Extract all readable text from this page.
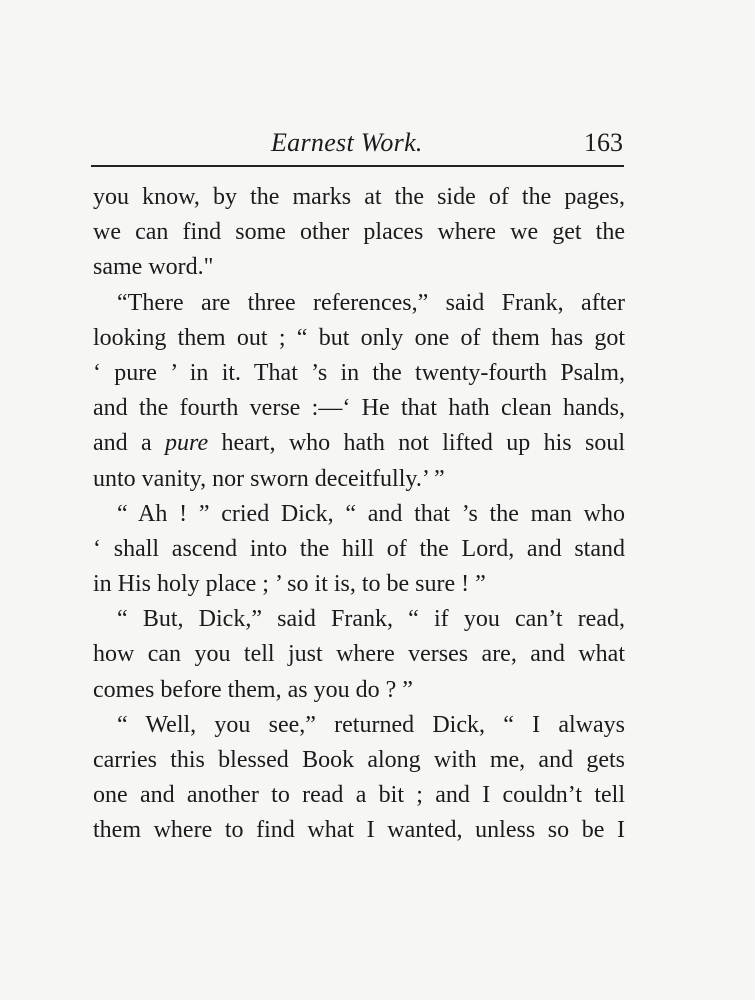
Earnest Work.	163
you know, by the marks at the side of the pages,
we can find some other places where we get the
same word."
“There are three references,” said Frank, after
looking them out ; “ but only one of them has got
‘ pure ’ in it. That ’s in the twenty-fourth Psalm,
and the fourth verse :—‘ He that hath clean hands,
and a pure heart, who hath not lifted up his soul
unto vanity, nor sworn deceitfully.’ ”
“ Ah ! ” cried Dick, “ and that ’s the man who
‘ shall ascend into the hill of the Lord, and stand
in His holy place ; ’ so it is, to be sure ! ”
“ But, Dick,” said Frank, “ if you can’t read,
how can you tell just where verses are, and what
comes before them, as you do ? ”
“ Well, you see,” returned Dick, “ I always
carries this blessed Book along with me, and gets
one and another to read a bit ; and I couldn’t tell
them where to find what I wanted, unless so be I
